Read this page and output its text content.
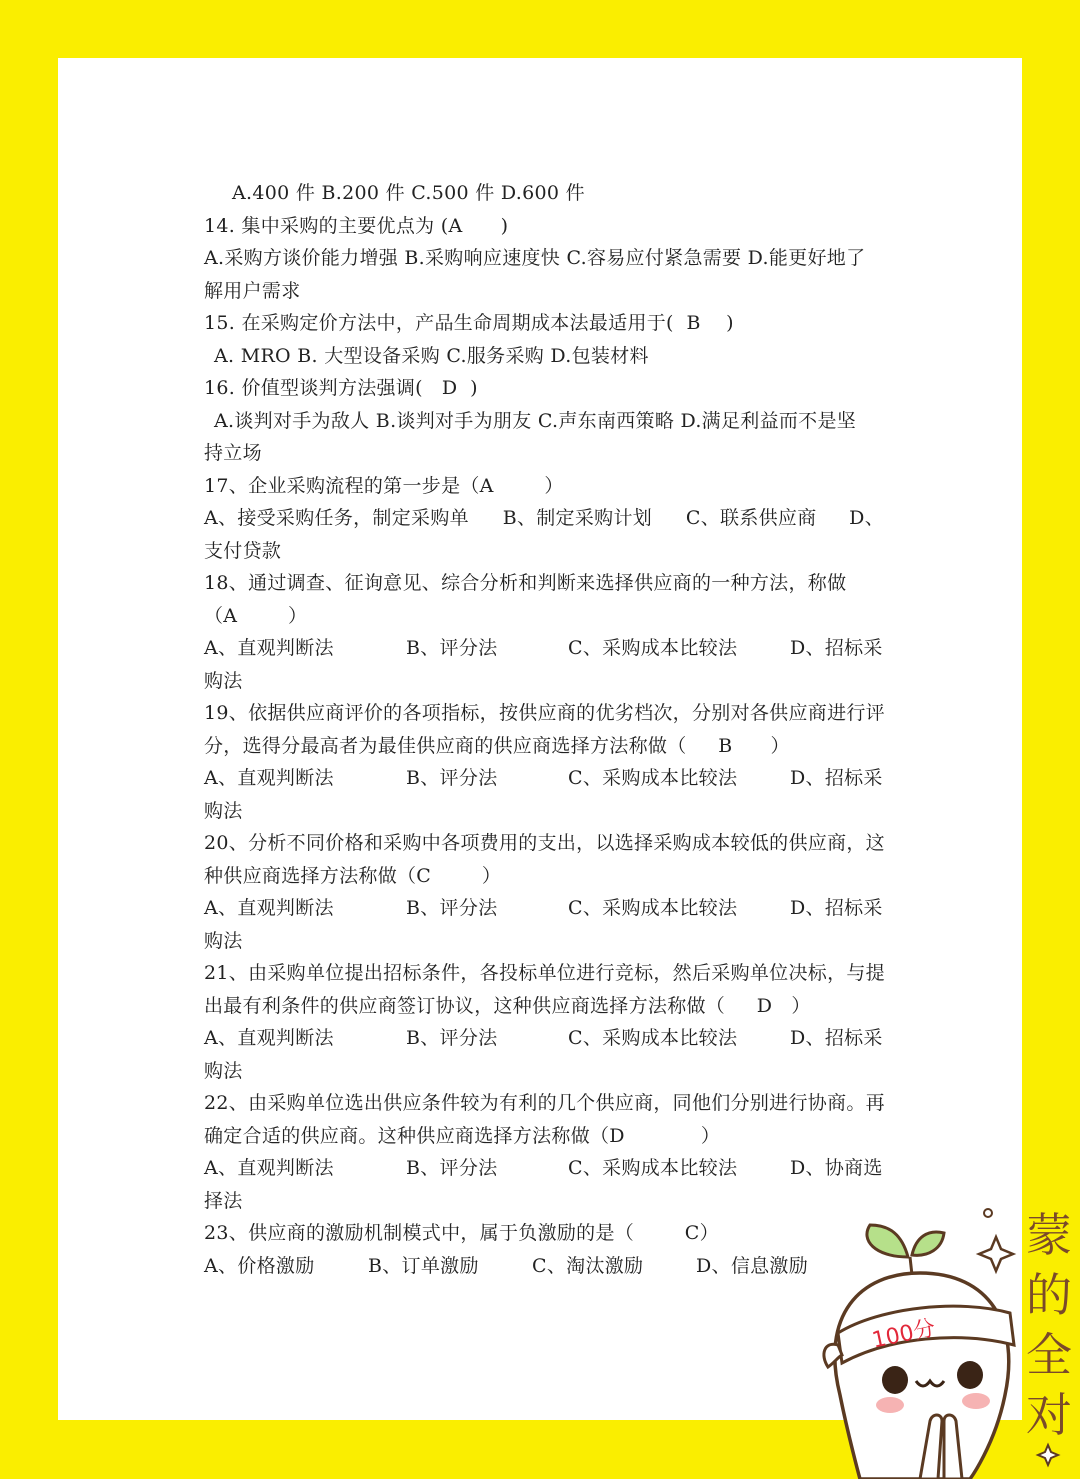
A.400 件 B.200 件 C.500 件 D.600 件
14. 集中采购的主要优点为 (A      )
A.采购方谈价能力增强 B.采购响应速度快 C.容易应付紧急需要 D.能更好地了
解用户需求
15. 在采购定价方法中，产品生命周期成本法最适用于(  B    )
A. MRO B. 大型设备采购 C.服务采购 D.包装材料
16. 价值型谈判方法强调(   D  )
A.谈判对手为敌人 B.谈判对手为朋友 C.声东南西策略 D.满足利益而不是坚
持立场
17、企业采购流程的第一步是（A        ）
A、接受采购任务，制定采购单	B、制定采购计划	C、联系供应商	D、
支付贷款
18、通过调查、征询意见、综合分析和判断来选择供应商的一种方法，称做
（A        ）
A、直观判断法	B、评分法	C、采购成本比较法	D、招标采
购法
19、依据供应商评价的各项指标，按供应商的优劣档次，分别对各供应商进行评
分，选得分最高者为最佳供应商的供应商选择方法称做（     B      ）
A、直观判断法	B、评分法	C、采购成本比较法	D、招标采
购法
20、分析不同价格和采购中各项费用的支出，以选择采购成本较低的供应商，这
种供应商选择方法称做（C        ）
A、直观判断法	B、评分法	C、采购成本比较法	D、招标采
购法
21、由采购单位提出招标条件，各投标单位进行竞标，然后采购单位决标，与提
出最有利条件的供应商签订协议，这种供应商选择方法称做（     D   ）
A、直观判断法	B、评分法	C、采购成本比较法	D、招标采
购法
22、由采购单位选出供应条件较为有利的几个供应商，同他们分别进行协商。再
确定合适的供应商。这种供应商选择方法称做（D            ）
A、直观判断法	B、评分法	C、采购成本比较法	D、协商选
择法
23、供应商的激励机制模式中，属于负激励的是（        C）
A、价格激励	B、订单激励	C、淘汰激励	D、信息激励
100分
蒙
的
全
对
